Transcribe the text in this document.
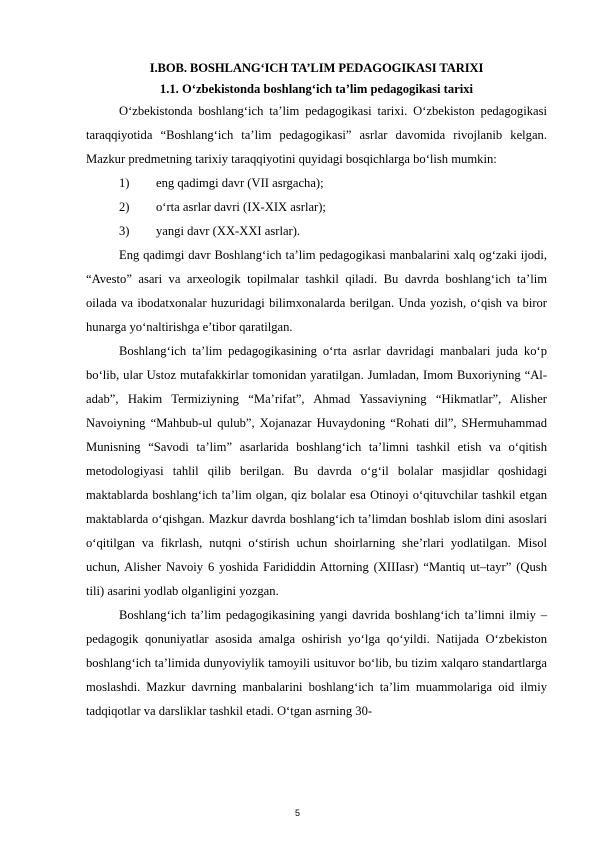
I.BOB. BOSHLANG‘ICH TA’LIM PEDAGOGIKASI TARIXI
1.1. O‘zbekistonda boshlang‘ich ta’lim pedagogikasi tarixi

O‘zbekistonda boshlang‘ich ta’lim pedagogikasi tarixi. O‘zbekiston pedagogikasi taraqqiyotida “Boshlang‘ich ta’lim pedagogikasi” asrlar davomida rivojlanib kelgan. Mazkur predmetning tarixiy taraqqiyotini quyidagi bosqichlarga bo‘lish mumkin:

1) eng qadimgi davr (VII asrgacha);
2) o‘rta asrlar davri (IX-XIX asrlar);
3) yangi davr (XX-XXI asrlar).

Eng qadimgi davr Boshlang‘ich ta’lim pedagogikasi manbalarini xalq og‘zaki ijodi, “Avesto” asari va arxeologik topilmalar tashkil qiladi. Bu davrda boshlang‘ich ta’lim oilada va ibodatxonalar huzuridagi bilimxonalarda berilgan. Unda yozish, o‘qish va biror hunarga yo‘naltirishga e’tibor qaratilgan.

Boshlang‘ich ta’lim pedagogikasining o‘rta asrlar davridagi manbalari juda ko‘p bo‘lib, ular Ustoz mutafakkirlar tomonidan yaratilgan. Jumladan, Imom Buxoriyning “Al-adab”, Hakim Termiziyning “Ma’rifat”, Ahmad Yassaviyning “Hikmatlar”, Alisher Navoiyning “Mahbub-ul qulub”, Xojanazar Huvaydoning “Rohati dil”, SHermuhammad Munisning “Savodi ta’lim” asarlarida boshlang‘ich ta’limni tashkil etish va o‘qitish metodologiyasi tahlil qilib berilgan. Bu davrda o‘g‘il bolalar masjidlar qoshidagi maktablarda boshlang‘ich ta’lim olgan, qiz bolalar esa Otinoyi o‘qituvchilar tashkil etgan maktablarda o‘qishgan. Mazkur davrda boshlang‘ich ta’limdan boshlab islom dini asoslari o‘qitilgan va fikrlash, nutqni o‘stirish uchun shoirlarning she’rlari yodlatilgan. Misol uchun, Alisher Navoiy 6 yoshida Farididdin Attorning (XIIIasr) “Mantiq ut–tayr” (Qush tili) asarini yodlab olganligini yozgan.

Boshlang‘ich ta’lim pedagogikasining yangi davrida boshlang‘ich ta’limni ilmiy – pedagogik qonuniyatlar asosida amalga oshirish yo‘lga qo‘yildi. Natijada O‘zbekiston boshlang‘ich ta’limida dunyoviylik tamoyili usituvor bo‘lib, bu tizim xalqaro standartlarga moslashdi. Mazkur davrning manbalarini boshlang‘ich ta’lim muammolariga oid ilmiy tadqiqotlar va darsliklar tashkil etadi. O‘tgan asrning 30-

5
